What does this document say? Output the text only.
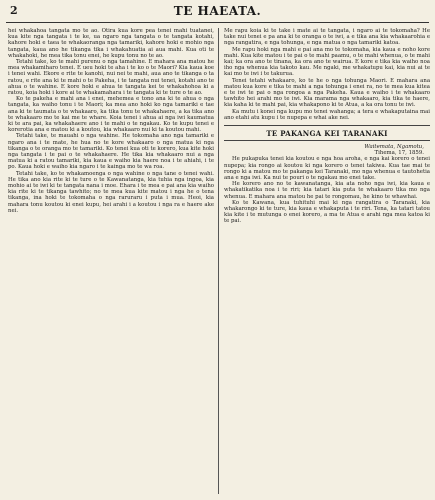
2	TE HAEATA.

hei whakahoa tangata mo te ao. Otira kua kore pea tenei mahi tuatanei, kua kite nga tangata i te ke, ua ngaro nga tangata o te tangata kotahi, kahore hoki e taea te whakaoranga nga tamariki, kahore hoki e mohio nga tangata, kaua ano he tikanga tika i whakahuatia ai aua mahi. Kua oti te whakahoki, he mea tika tonu enei, he kupu tonu no te ao.

Tetahi take, ko te mahi purenu o nga tamahine. E mahara ana matou he mea whakamiharo tenei. E ueu hoki te aha i te ko o te Maori? Kia kaua koe i tenei wahi. Ekore e rite te kanohi, nui nei te mahi, aua ano te tikanga o ta ratou, e rite ana ki te mahi o te Pakeha, i te tangata nui tenei, kotahi ano te ahua o te wahine. E kore hoki e ahua te tangata kei te whakahohoa ki a ratou, koia hoki i kore ai te whakamahara i te tangata ki te ture o te ao.

Ko te pakeha e mahi ana i enei, mehemea e tono ana ki te ahua o nga tangata, ka waiho tonu i te Maori; ka mea ano hoki ko nga tamariki e tae ana ki te taumata o te whakaaro, ka tika tonu te whakahaere, a ka tika ano te whakaaro mo te kai me te whare. Koia tenei i ahua ai nga iwi kaumatua ki te ara pai, ka whakahaere ano i te mahi o te ngakau. Ko te kupu tenei e korerotia ana e matou ki a koutou, kia whakaaro nui ki ta koutou mahi.

Tetahi take, te mauahi o nga wahine. He tokomaha ano nga tamariki e ngaro ana i te mate, he hua no te kore whakaaro o nga matua ki nga tikanga o te oranga mo te tamariki. Ko tenei kua oti te korero, kua kite hoki nga tangata i te pai o te whakahaere. He tika kia whakaaro nui a nga matua ki a ratou tamariki, kia kaua e waiho kia haere noa i te ahiahi, i te po. Kaua hoki e waiho kia ngaro i te kainga mo te wa roa.

Tetahi take, ko te whakamoenga o nga wahine o nga tane o tenei wahi. He tika ano kia rite ki te ture o te Kawanatanga, kia tuhia nga ingoa, kia mohio ai te iwi ki te tangata nana i moe. Ehara i te mea e pai ana kia waiho kia rite ki te tikanga tawhito; no te mea kua kite matou i nga he o tena tikanga, ina hoki te tokomaha o nga raruraru i puta i mua. Heoi, kia mahara tonu koutou ki enei kupu, hei arahi i a koutou i nga ra e haere ake nei.

Me rapu koia ki te take i mate ai te tangata, i ngaro ai te tokomaha? He take nui tenei e pa ana ki te oranga o te iwi, a e tika ana kia whakaarohia e nga rangatira, e nga tohunga, e nga matua o nga tamariki katoa.

Me rapu hoki nga mahi e pai ana mo te tokomaha, kia kaua e noho kore mahi. Kua kite matou i te pai o te mahi paamu, o te mahi whenua, o te mahi kai; ka ora ano te tinana, ka ora ano te wairua. E kore e tika kia waiho noa iho nga whenua kia takoto kau. Me ngaki, me whakatupu kai, kia nui ai te kai mo te iwi i te takurua.

Tenei tetahi whakaaro, ko te he o nga tohunga Maori. E mahara ana matou kua kore e tika te mahi a nga tohunga i enei ra, no te mea kua kitea e te iwi te pai o nga rongoa a nga Pakeha. Kaua e waiho i te whakaaro tawhito hei arahi mo te iwi. Kia marama nga whakaaro, kia tika te haere, kia kaha ki te mahi pai, kia whakapono ki te Atua, a ka ora tonu te iwi.

Ka mutu i konei nga kupu mo tenei wahanga; a tera e whakaputaina mai ano etahi atu kupu i te nupepa e whai ake nei.

TE PAKANGA KEI TARANAKI
Waitemata, Ngamotu,
Tihema, 17, 1859.

He pukapuka tenei kia koutou e nga hoa aroha, e nga kai korero o tenei nupepa; kia rongo ai koutou ki nga korero o tenei takiwa. Kua tae mai te rongo ki a matou mo te pakanga kei Taranaki, mo nga whenua e tautohetia ana e nga iwi. Ka nui te pouri o te ngakau mo enei take.

He korero ano no te kawanatanga, kia ata noho nga iwi, kia kaua e whakatikatika noa i te riri; kia tatari kia puta te whakaaro tika mo nga whenua. E mahara ana matou he pai te rongomau, he kino te whawhai.

Ko te Kawana, kua tuhituhi mai ki nga rangatira o Taranaki, kia whakarongo ki te ture, kia kaua e whakaputa i te riri. Tena, ka tatari tatou kia kite i te mutunga o enei korero, a ma te Atua e arahi nga mea katoa ki te pai.
